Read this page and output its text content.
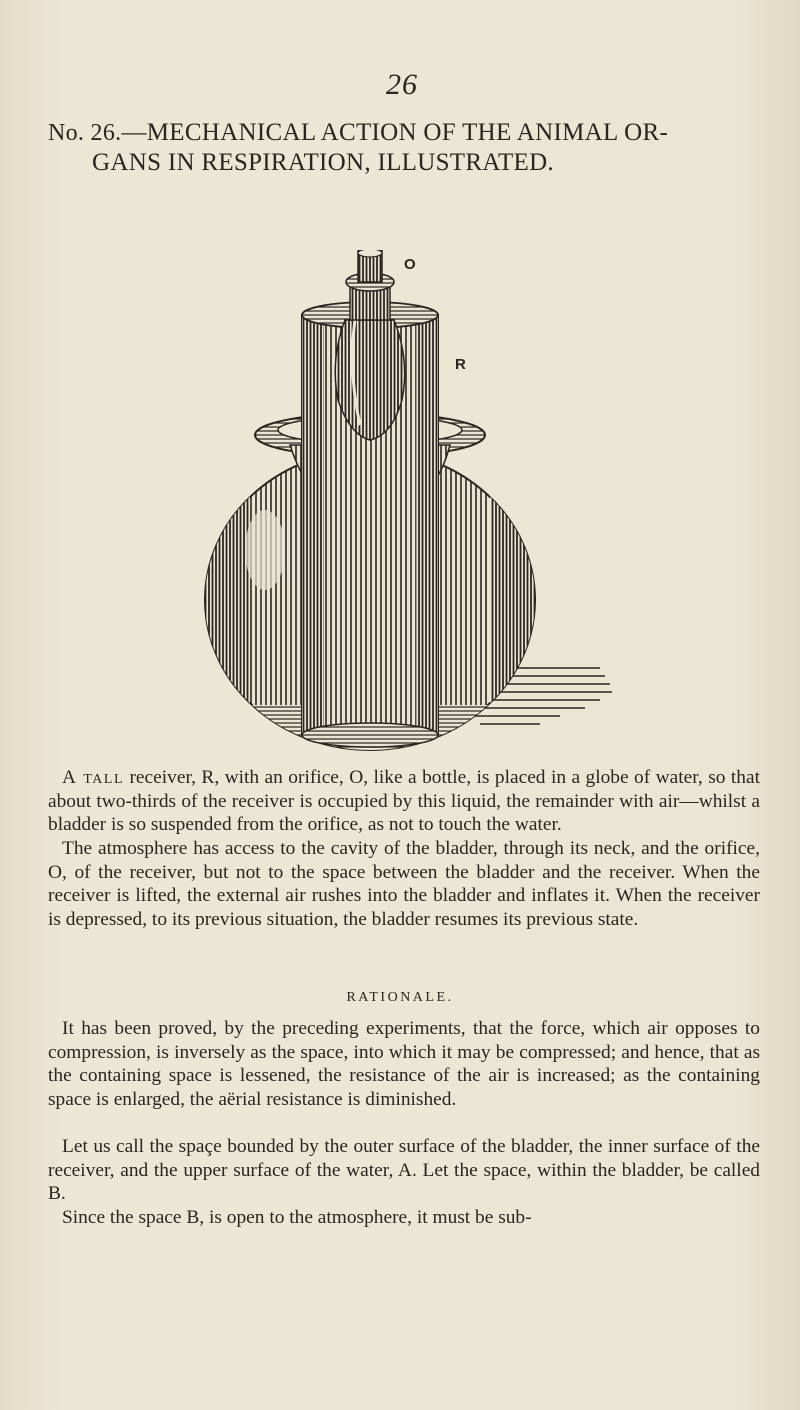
26
No. 26.—MECHANICAL ACTION OF THE ANIMAL OR-
GANS IN RESPIRATION, ILLUSTRATED.
O
R

A tall receiver, R, with an orifice, O, like a bottle, is placed in a globe of water, so that about two-thirds of the receiver is occupied by this liquid, the remainder with air—whilst a bladder is so suspended from the orifice, as not to touch the water.

The atmosphere has access to the cavity of the bladder, through its neck, and the orifice, O, of the receiver, but not to the space between the bladder and the receiver. When the receiver is lifted, the external air rushes into the bladder and inflates it. When the receiver is depressed, to its previous situation, the bladder resumes its previous state.

RATIONALE.

It has been proved, by the preceding experiments, that the force, which air opposes to compression, is inversely as the space, into which it may be compressed; and hence, that as the containing space is lessened, the resistance of the air is increased; as the containing space is enlarged, the aërial resistance is diminished.

Let us call the spaçe bounded by the outer surface of the bladder, the inner surface of the receiver, and the upper surface of the water, A. Let the space, within the bladder, be called B.

Since the space B, is open to the atmosphere, it must be sub-
